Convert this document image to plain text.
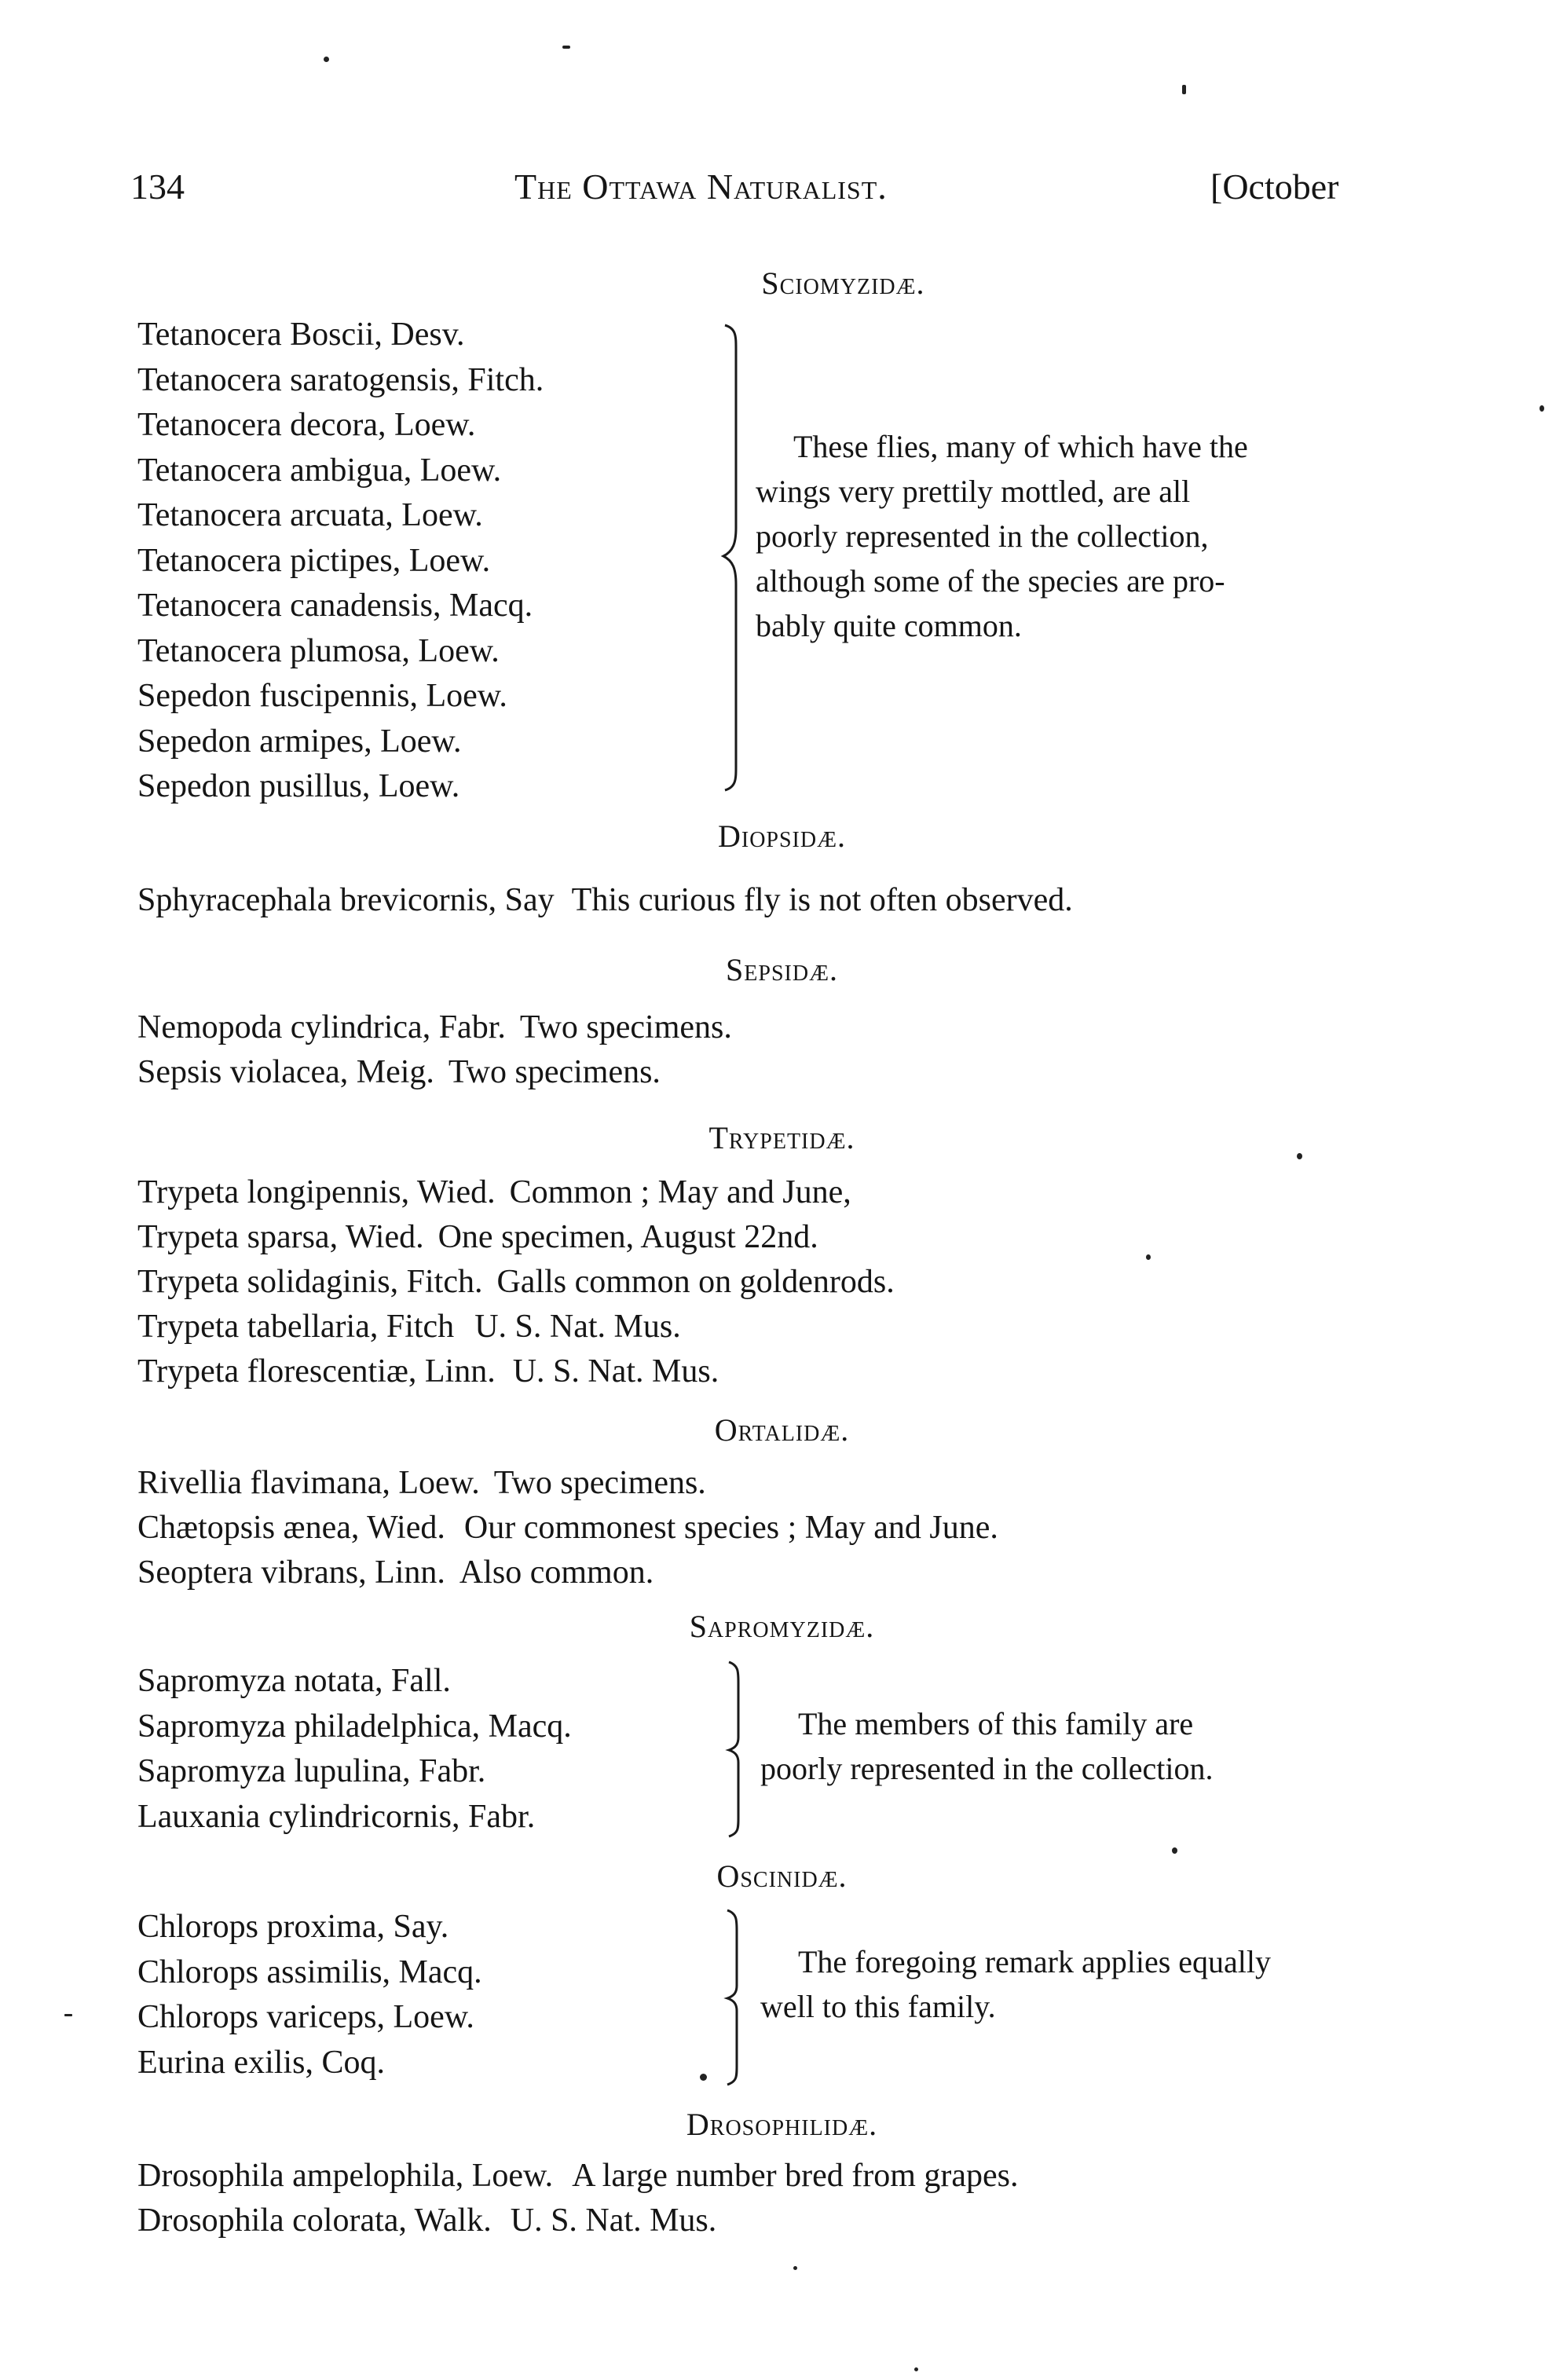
134	The Ottawa Naturalist.	[October
Sciomyzidæ.
Tetanocera Boscii, Desv.
Tetanocera saratogensis, Fitch.
Tetanocera decora, Loew.
Tetanocera ambigua, Loew.
Tetanocera arcuata, Loew.
Tetanocera pictipes, Loew.
Tetanocera canadensis, Macq.
Tetanocera plumosa, Loew.
Sepedon fuscipennis, Loew.
Sepedon armipes, Loew.
Sepedon pusillus, Loew.
These flies, many of which have the
wings very prettily mottled, are all
poorly represented in the collection,
although some of the species are pro-
bably quite common.
Diopsidæ.
Sphyracephala brevicornis, Say This curious fly is not often observed.
Sepsidæ.
Nemopoda cylindrica, Fabr. Two specimens.
Sepsis violacea, Meig. Two specimens.
Trypetidæ.
Trypeta longipennis, Wied. Common ; May and June,
Trypeta sparsa, Wied. One specimen, August 22nd.
Trypeta solidaginis, Fitch. Galls common on goldenrods.
Trypeta tabellaria, Fitch U. S. Nat. Mus.
Trypeta florescentiæ, Linn. U. S. Nat. Mus.
Ortalidæ.
Rivellia flavimana, Loew. Two specimens.
Chætopsis ænea, Wied. Our commonest species ; May and June.
Seoptera vibrans, Linn. Also common.
Sapromyzidæ.
Sapromyza notata, Fall.
Sapromyza philadelphica, Macq.
Sapromyza lupulina, Fabr.
Lauxania cylindricornis, Fabr.
The members of this family are
poorly represented in the collection.
Oscinidæ.
Chlorops proxima, Say.
Chlorops assimilis, Macq.
Chlorops variceps, Loew.
Eurina exilis, Coq.
The foregoing remark applies equally
well to this family.
Drosophilidæ.
Drosophila ampelophila, Loew. A large number bred from grapes.
Drosophila colorata, Walk. U. S. Nat. Mus.
